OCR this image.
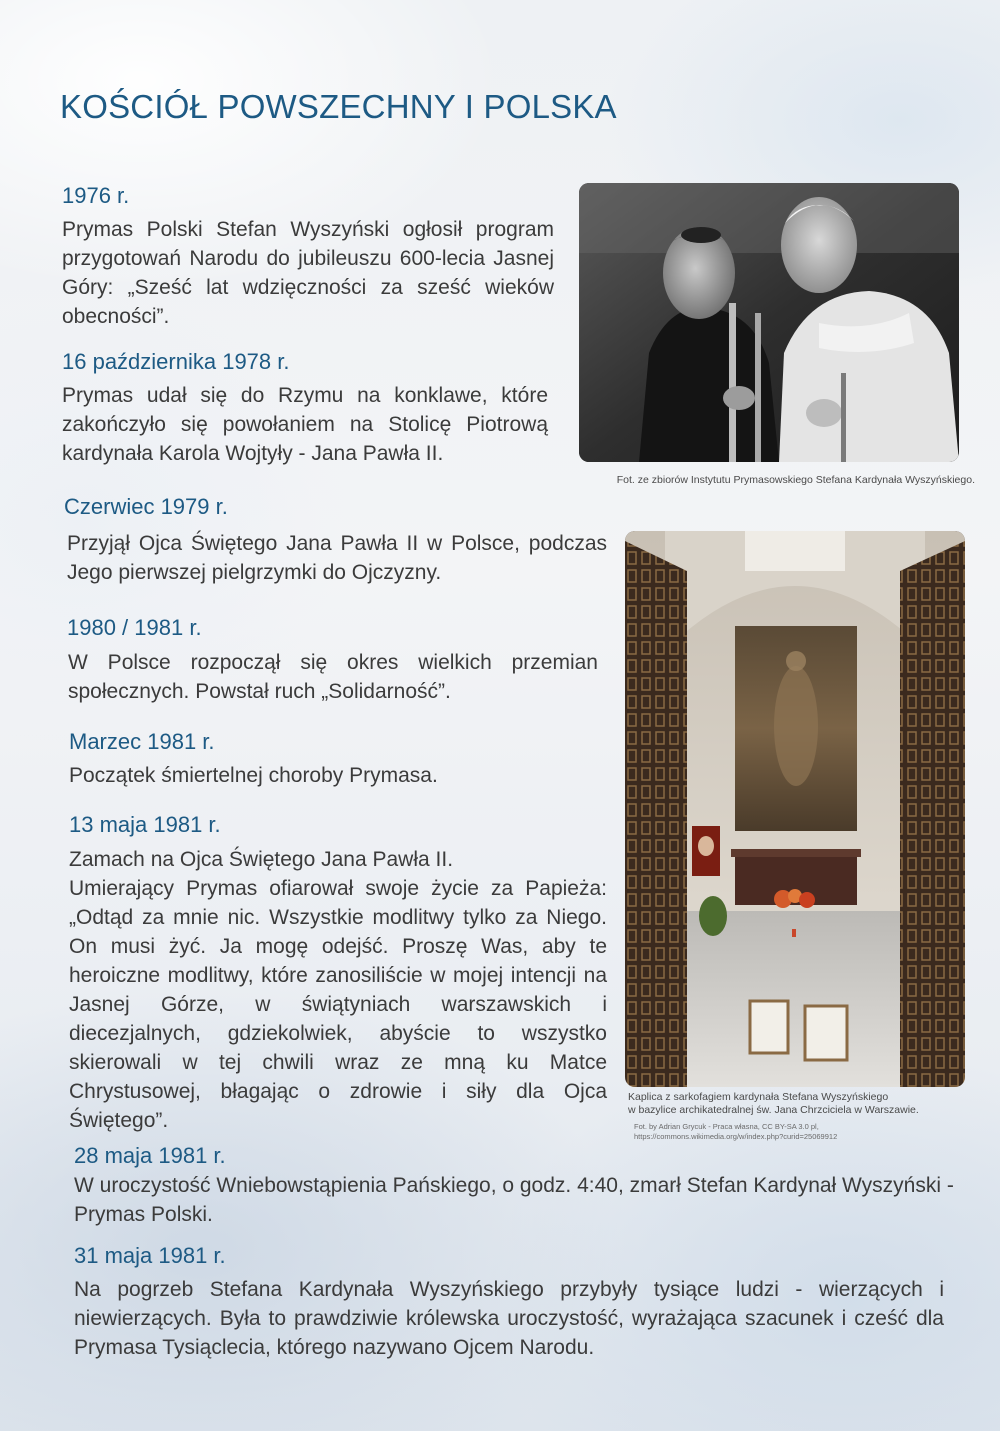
KOŚCIÓŁ POWSZECHNY I POLSKA
1976 r.

Prymas Polski Stefan Wyszyński ogłosił program przygotowań Narodu do jubileuszu 600-lecia Jasnej Góry: „Sześć lat wdzięczności za sześć wieków obecności”.

16 października 1978 r.

Prymas udał się do Rzymu na konklawe, które zakończyło się powołaniem na Stolicę Piotrową kardynała Karola Wojtyły - Jana Pawła II.

Fot. ze zbiorów Instytutu Prymasowskiego Stefana Kardynała Wyszyńskiego.

Czerwiec 1979 r.

Przyjął Ojca Świętego Jana Pawła II w Polsce, podczas Jego pierwszej pielgrzymki do Ojczyzny.

1980 / 1981 r.

W Polsce rozpoczął się okres wielkich przemian społecznych. Powstał ruch „Solidarność”.

Marzec 1981 r.

Początek śmiertelnej choroby Prymasa.

13 maja 1981 r.

Zamach na Ojca Świętego Jana Pawła II.

Umierający Prymas ofiarował swoje życie za Papieża: „Odtąd za mnie nic. Wszystkie modlitwy tylko za Niego. On musi żyć. Ja mogę odejść. Proszę Was, aby te heroiczne modlitwy, które zanosiliście w mojej intencji na Jasnej Górze, w świątyniach warszawskich i diecezjalnych, gdziekolwiek, abyście to wszystko skierowali w tej chwili wraz ze mną ku Matce Chrystusowej, błagając o zdrowie i siły dla Ojca Świętego”.

Kaplica z sarkofagiem kardynała Stefana Wyszyńskiego

w bazylice archikatedralnej św. Jana Chrzciciela w Warszawie.

Fot. by Adrian Grycuk - Praca własna, CC BY-SA 3.0 pl,

https://commons.wikimedia.org/w/index.php?curid=25069912

28 maja 1981 r.

W uroczystość Wniebowstąpienia Pańskiego, o godz. 4:40, zmarł Stefan Kardynał Wyszyński - Prymas Polski.

31 maja 1981 r.

Na pogrzeb Stefana Kardynała Wyszyńskiego przybyły tysiące ludzi - wierzących i niewierzących. Była to prawdziwie królewska uroczystość, wyrażająca szacunek i cześć dla Prymasa Tysiąclecia, którego nazywano Ojcem Narodu.
